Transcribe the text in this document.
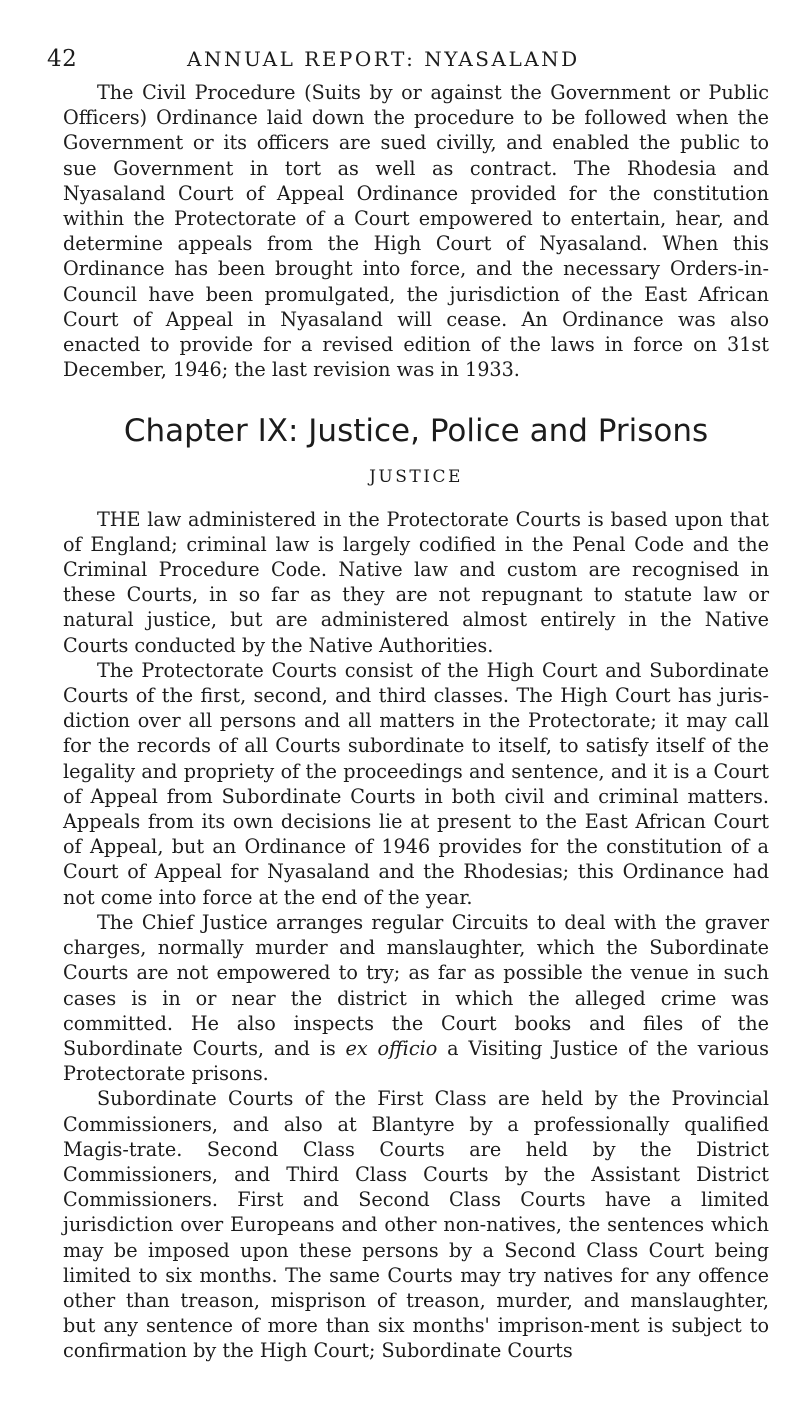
42	ANNUAL REPORT: NYASALAND

The Civil Procedure (Suits by or against the Government or Public Officers) Ordinance laid down the procedure to be followed when the Government or its officers are sued civilly, and enabled the public to sue Government in tort as well as contract. The Rhodesia and Nyasaland Court of Appeal Ordinance provided for the constitution within the Protectorate of a Court empowered to entertain, hear, and determine appeals from the High Court of Nyasaland. When this Ordinance has been brought into force, and the necessary Orders-in-Council have been promulgated, the jurisdiction of the East African Court of Appeal in Nyasaland will cease. An Ordinance was also enacted to provide for a revised edition of the laws in force on 31st December, 1946; the last revision was in 1933.

Chapter IX: Justice, Police and Prisons
JUSTICE

THE law administered in the Protectorate Courts is based upon that of England; criminal law is largely codified in the Penal Code and the Criminal Procedure Code. Native law and custom are recognised in these Courts, in so far as they are not repugnant to statute law or natural justice, but are administered almost entirely in the Native Courts conducted by the Native Authorities.

The Protectorate Courts consist of the High Court and Subordinate Courts of the first, second, and third classes. The High Court has juris-diction over all persons and all matters in the Protectorate; it may call for the records of all Courts subordinate to itself, to satisfy itself of the legality and propriety of the proceedings and sentence, and it is a Court of Appeal from Subordinate Courts in both civil and criminal matters. Appeals from its own decisions lie at present to the East African Court of Appeal, but an Ordinance of 1946 provides for the constitution of a Court of Appeal for Nyasaland and the Rhodesias; this Ordinance had not come into force at the end of the year.

The Chief Justice arranges regular Circuits to deal with the graver charges, normally murder and manslaughter, which the Subordinate Courts are not empowered to try; as far as possible the venue in such cases is in or near the district in which the alleged crime was committed. He also inspects the Court books and files of the Subordinate Courts, and is ex officio a Visiting Justice of the various Protectorate prisons.

Subordinate Courts of the First Class are held by the Provincial Commissioners, and also at Blantyre by a professionally qualified Magis-trate. Second Class Courts are held by the District Commissioners, and Third Class Courts by the Assistant District Commissioners. First and Second Class Courts have a limited jurisdiction over Europeans and other non-natives, the sentences which may be imposed upon these persons by a Second Class Court being limited to six months. The same Courts may try natives for any offence other than treason, misprison of treason, murder, and manslaughter, but any sentence of more than six months' imprison-ment is subject to confirmation by the High Court; Subordinate Courts
